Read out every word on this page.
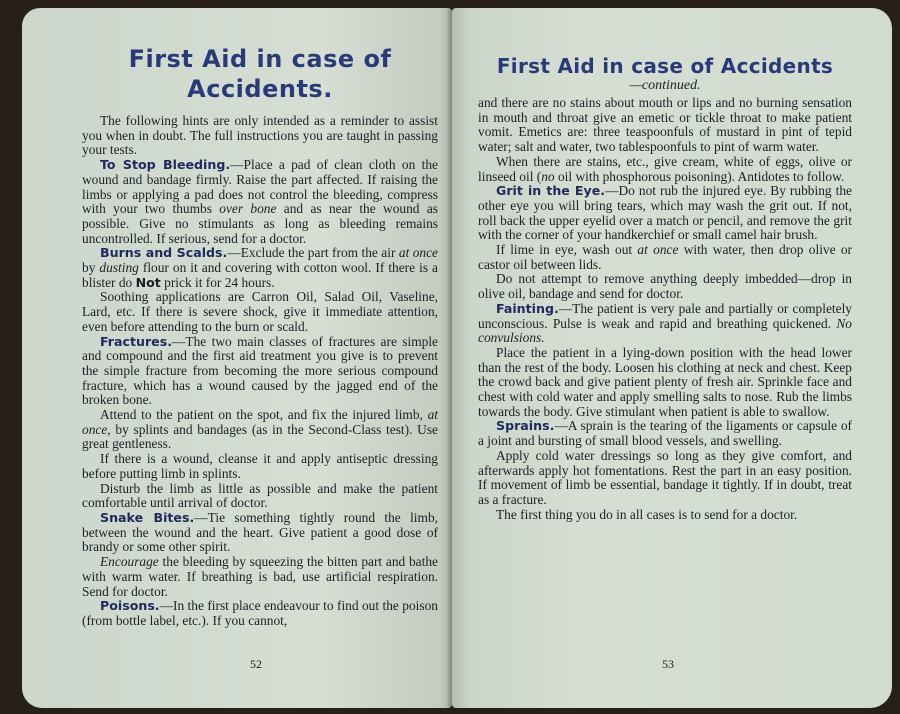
First Aid in case of Accidents.

The following hints are only intended as a reminder to assist you when in doubt. The full instructions you are taught in passing your tests.

To Stop Bleeding.—Place a pad of clean cloth on the wound and bandage firmly. Raise the part affected. If raising the limbs or applying a pad does not control the bleeding, compress with your two thumbs over bone and as near the wound as possible. Give no stimulants as long as bleeding remains uncontrolled. If serious, send for a doctor.

Burns and Scalds.—Exclude the part from the air at once by dusting flour on it and covering with cotton wool. If there is a blister do Not prick it for 24 hours.

Soothing applications are Carron Oil, Salad Oil, Vaseline, Lard, etc. If there is severe shock, give it immediate attention, even before attending to the burn or scald.

Fractures.—The two main classes of fractures are simple and compound and the first aid treatment you give is to prevent the simple fracture from becoming the more serious compound fracture, which has a wound caused by the jagged end of the broken bone.

Attend to the patient on the spot, and fix the injured limb, at once, by splints and bandages (as in the Second-Class test). Use great gentleness.

If there is a wound, cleanse it and apply antiseptic dressing before putting limb in splints.

Disturb the limb as little as possible and make the patient comfortable until arrival of doctor.

Snake Bites.—Tie something tightly round the limb, between the wound and the heart. Give patient a good dose of brandy or some other spirit.

Encourage the bleeding by squeezing the bitten part and bathe with warm water. If breathing is bad, use artificial respiration. Send for doctor.

Poisons.—In the first place endeavour to find out the poison (from bottle label, etc.). If you cannot,

52
First Aid in case of Accidents
—continued.

and there are no stains about mouth or lips and no burning sensation in mouth and throat give an emetic or tickle throat to make patient vomit. Emetics are: three teaspoonfuls of mustard in pint of tepid water; salt and water, two tablespoonfuls to pint of warm water.

When there are stains, etc., give cream, white of eggs, olive or linseed oil (no oil with phosphorous poisoning). Antidotes to follow.

Grit in the Eye.—Do not rub the injured eye. By rubbing the other eye you will bring tears, which may wash the grit out. If not, roll back the upper eyelid over a match or pencil, and remove the grit with the corner of your handkerchief or small camel hair brush.

If lime in eye, wash out at once with water, then drop olive or castor oil between lids.

Do not attempt to remove anything deeply imbedded—drop in olive oil, bandage and send for doctor.

Fainting.—The patient is very pale and partially or completely unconscious. Pulse is weak and rapid and breathing quickened. No convulsions.

Place the patient in a lying-down position with the head lower than the rest of the body. Loosen his clothing at neck and chest. Keep the crowd back and give patient plenty of fresh air. Sprinkle face and chest with cold water and apply smelling salts to nose. Rub the limbs towards the body. Give stimulant when patient is able to swallow.

Sprains.—A sprain is the tearing of the ligaments or capsule of a joint and bursting of small blood vessels, and swelling.

Apply cold water dressings so long as they give comfort, and afterwards apply hot fomentations. Rest the part in an easy position. If movement of limb be essential, bandage it tightly. If in doubt, treat as a fracture.

The first thing you do in all cases is to send for a doctor.

53
